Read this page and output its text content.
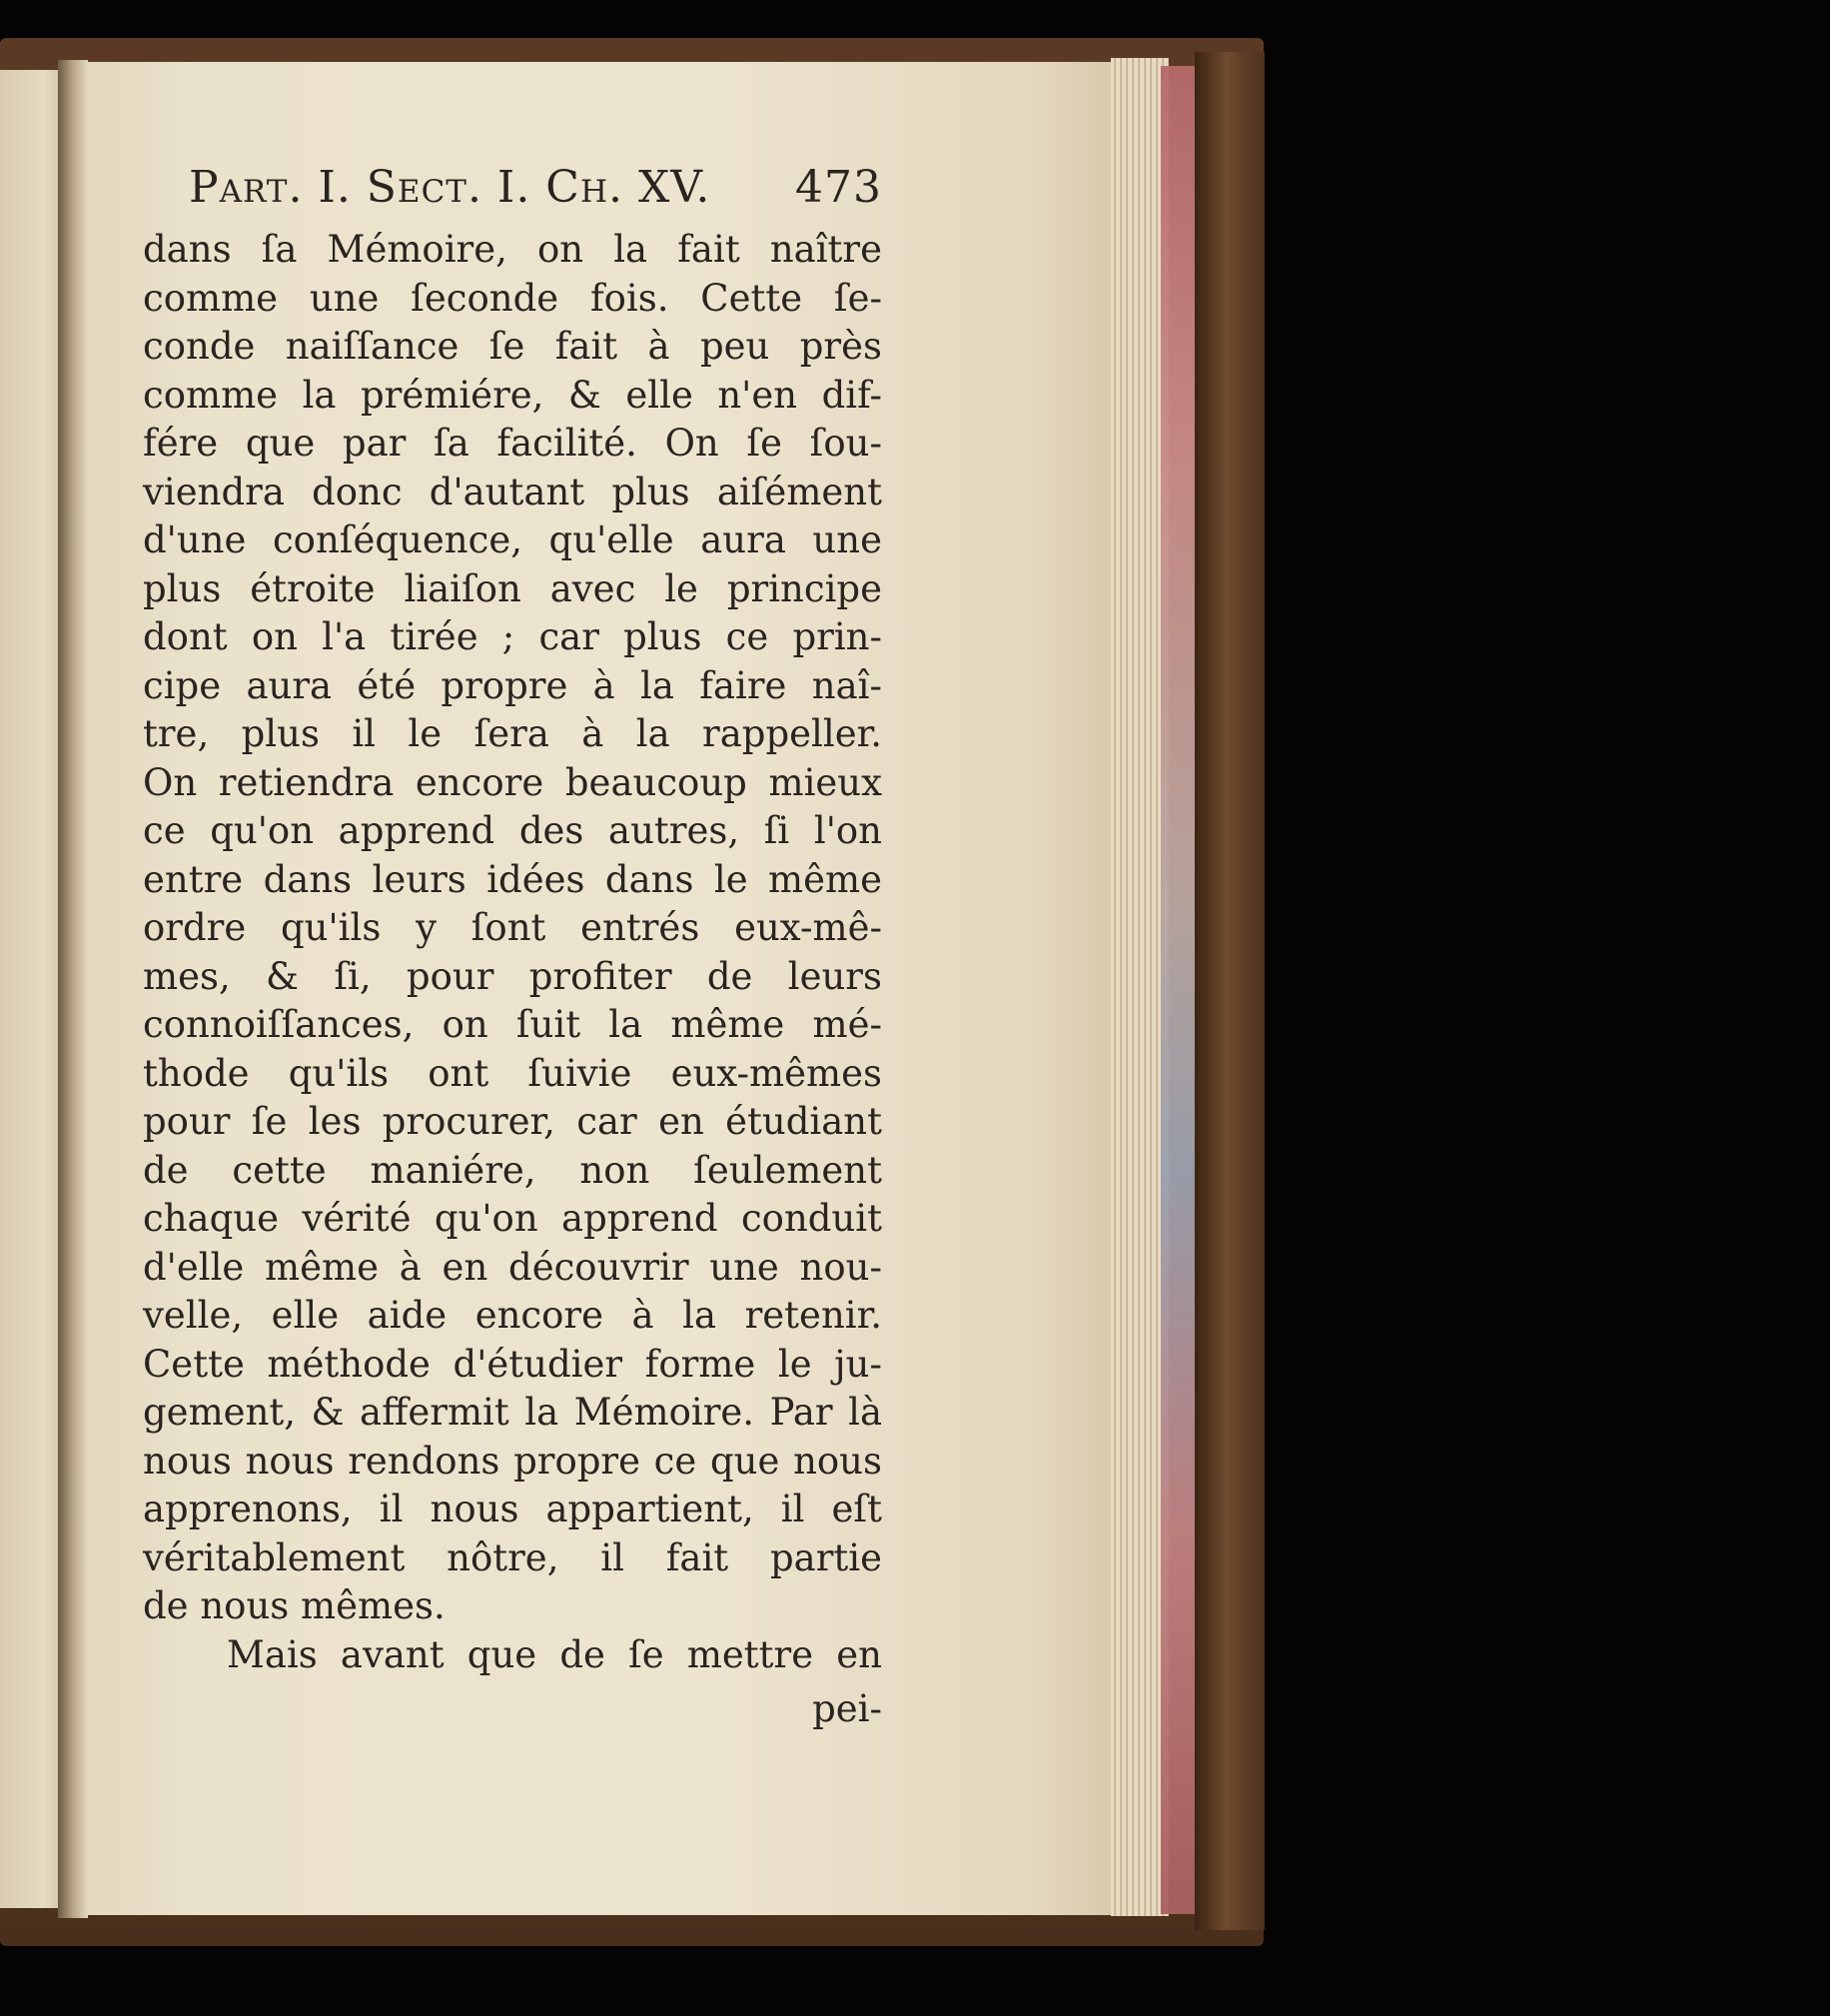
Part. I. Sect. I. Ch. XV. 473
dans ſa Mémoire, on la fait naître
comme une ſeconde fois. Cette ſe-
conde naiſſance ſe fait à peu près
comme la prémiére, & elle n'en dif-
fére que par ſa facilité. On ſe ſou-
viendra donc d'autant plus aiſément
d'une conſéquence, qu'elle aura une
plus étroite liaiſon avec le principe
dont on l'a tirée ; car plus ce prin-
cipe aura été propre à la faire naî-
tre, plus il le ſera à la rappeller.
On retiendra encore beaucoup mieux
ce qu'on apprend des autres, ſi l'on
entre dans leurs idées dans le même
ordre qu'ils y ſont entrés eux-mê-
mes, & ſi, pour profiter de leurs
connoiſſances, on ſuit la même mé-
thode qu'ils ont ſuivie eux-mêmes
pour ſe les procurer, car en étudiant
de cette maniére, non ſeulement
chaque vérité qu'on apprend conduit
d'elle même à en découvrir une nou-
velle, elle aide encore à la retenir.
Cette méthode d'étudier forme le ju-
gement, & affermit la Mémoire. Par là
nous nous rendons propre ce que nous
apprenons, il nous appartient, il eſt
véritablement nôtre, il fait partie
de nous mêmes.
Mais avant que de ſe mettre en
pei-
